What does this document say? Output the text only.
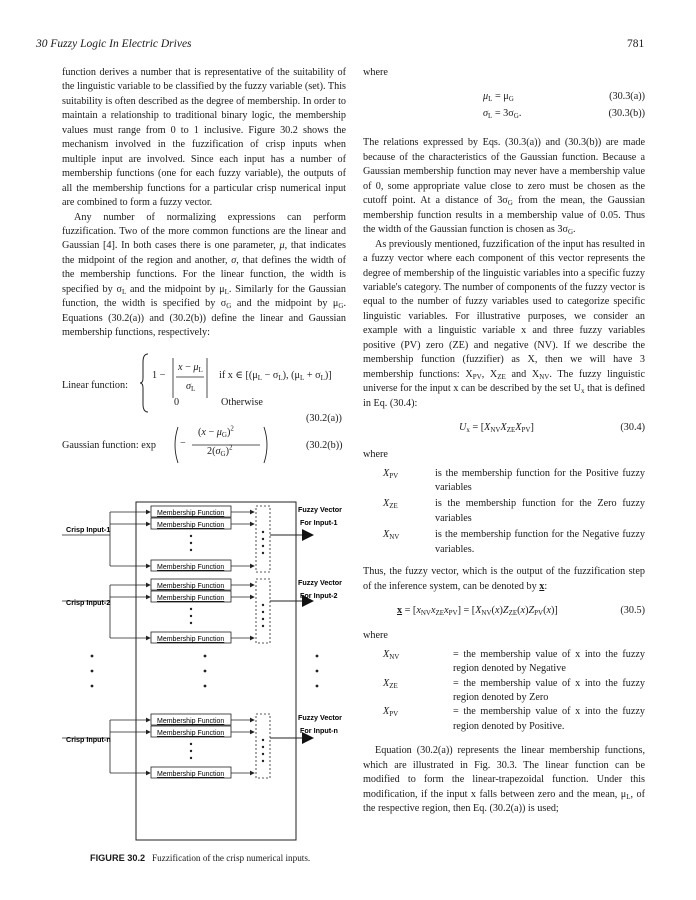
30 Fuzzy Logic In Electric Drives	781

function derives a number that is representative of the suitability of the linguistic variable to be classified by the fuzzy variable (set). This suitability is often described as the degree of membership. In order to maintain a relationship to traditional binary logic, the membership values must range from 0 to 1 inclusive. Figure 30.2 shows the mechanism involved in the fuzzification of crisp inputs when multiple input are involved. Since each input has a number of membership functions (one for each fuzzy variable), the outputs of all the membership functions for a particular crisp numerical input are combined to form a fuzzy vector.

Any number of normalizing expressions can perform fuzzification. Two of the more common functions are the linear and Gaussian [4]. In both cases there is one parameter, μ, that indicates the midpoint of the region and another, σ, that defines the width of the membership functions. For the linear function, the width is specified by $\sigma_L$ and the midpoint by $\mu_L$. Similarly for the Gaussian function, the width is specified by $\sigma_G$ and the midpoint by $\mu_G$. Equations (30.2(a)) and (30.2(b)) define the linear and Gaussian membership functions, respectively:

Linear function:
1 −
$x - \mu_L$
$\sigma_L$
if x ∈ [$(\mu_L - \sigma_L)$, $(\mu_L + \sigma_L)$]
0	Otherwise
(30.2(a))
Gaussian function: exp −
$(x - \mu_G)^2$
$2(\sigma_G)^2$	(30.2(b))
Membership Function
Membership Function
Membership Function
Membership Function
Membership Function
Membership Function
Membership Function
Membership Function
Membership Function
Crisp Input-1
Crisp Input-2
Crisp Input-n
Fuzzy Vector
For Input-1
Fuzzy Vector
For Input-2
Fuzzy Vector
For Input-n
FIGURE 30.2 Fuzzification of the crisp numerical inputs.

where

$\mu_L = \mu_G$	(30.3(a))
$\sigma_L = 3\sigma_G$.	(30.3(b))

The relations expressed by Eqs. (30.3(a)) and (30.3(b)) are made because of the characteristics of the Gaussian function. Because a Gaussian membership function may never have a membership value of 0, some appropriate value close to zero must be chosen as the cutoff point. At a distance of $3\sigma_G$ from the mean, the Gaussian membership function results in a membership value of 0.05. Thus the width of the Gaussian function is chosen as $3\sigma_G$.

As previously mentioned, fuzzification of the input has resulted in a fuzzy vector where each component of this vector represents the degree of membership of the linguistic variables into a specific fuzzy variable's category. The number of components of the fuzzy vector is equal to the number of fuzzy variables used to categorize specific linguistic variables. For illustrative purposes, we consider an example with a linguistic variable x and three fuzzy variables positive (PV) zero (ZE) and negative (NV). If we describe the membership function (fuzzifier) as X, then we will have 3 membership functions: $X_{PV}$, $X_{ZE}$ and $X_{NV}$. The fuzzy linguistic universe for the input x can be described by the set $U_x$ that is defined in Eq. (30.4):

$U_x = [X_{NV}X_{ZE}X_{PV}]$	(30.4)

where

$X_{PV}$	is the membership function for the Positive fuzzy variables
$X_{ZE}$	is the membership function for the Zero fuzzy variables
$X_{NV}$	is the membership function for the Negative fuzzy variables.

Thus, the fuzzy vector, which is the output of the fuzzification step of the inference system, can be denoted by x:

$x = [x_{NV}x_{ZE}x_{PV}] = [X_{NV}(x)Z_{ZE}(x)Z_{PV}(x)]$	(30.5)

where

$X_{NV}$	= the membership value of x into the fuzzy region denoted by Negative
$X_{ZE}$	= the membership value of x into the fuzzy region denoted by Zero
$X_{PV}$	= the membership value of x into the fuzzy region denoted by Positive.

Equation (30.2(a)) represents the linear membership functions, which are illustrated in Fig. 30.3. The linear function can be modified to form the linear-trapezoidal function. Under this modification, if the input x falls between zero and the mean, $\mu_L$, of the respective region, then Eq. (30.2(a)) is used;
